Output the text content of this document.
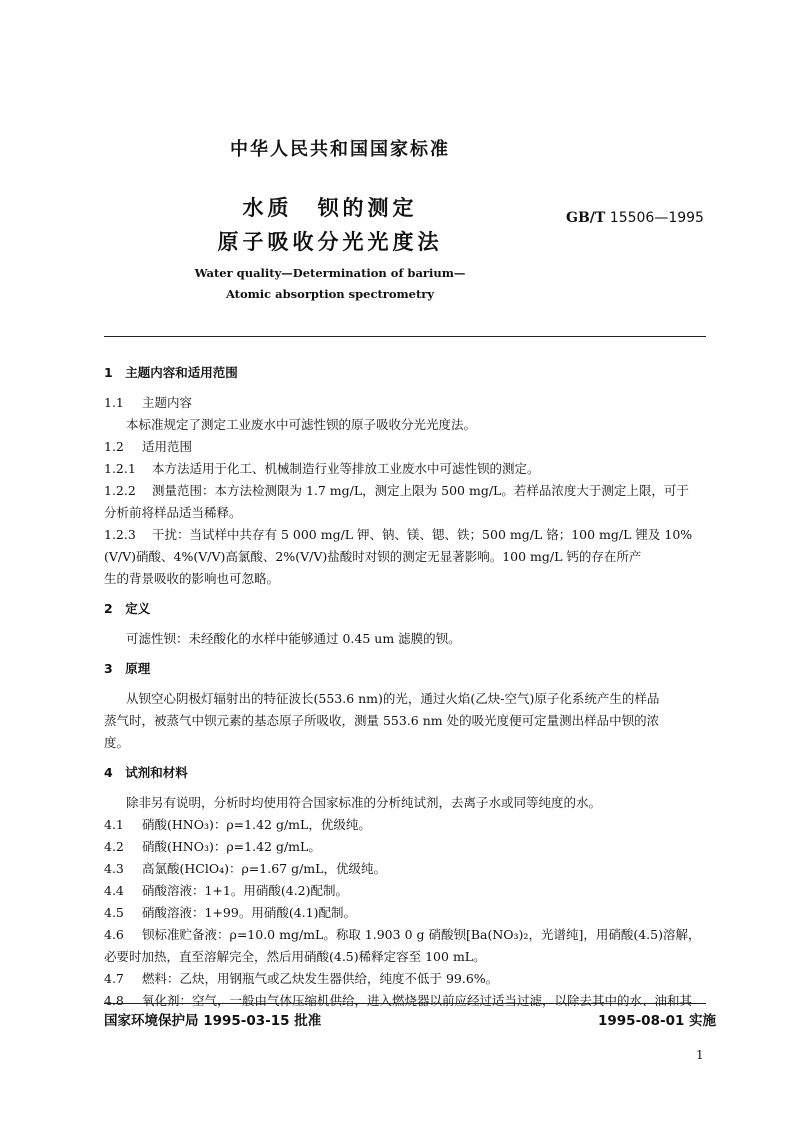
中华人民共和国国家标准
水质　钡的测定
原子吸收分光光度法
GB/T 15506—1995
Water quality—Determination of barium—
Atomic absorption spectrometry
1　主题内容和适用范围
1.1 主题内容
本标准规定了测定工业废水中可滤性钡的原子吸收分光光度法。
1.2 适用范围
1.2.1 本方法适用于化工、机械制造行业等排放工业废水中可滤性钡的测定。
1.2.2 测量范围：本方法检测限为 1.7 mg/L，测定上限为 500 mg/L。若样品浓度大于测定上限，可于
分析前将样品适当稀释。
1.2.3 干扰：当试样中共存有 5 000 mg/L 钾、钠、镁、锶、铁；500 mg/L 铬；100 mg/L 锂及 10%
(V/V)硝酸、4%(V/V)高氯酸、2%(V/V)盐酸时对钡的测定无显著影响。100 mg/L 钙的存在所产
生的背景吸收的影响也可忽略。
2　定义
可滤性钡：未经酸化的水样中能够通过 0.45 um 滤膜的钡。
3　原理
从钡空心阴极灯辐射出的特征波长(553.6 nm)的光，通过火焰(乙炔-空气)原子化系统产生的样品
蒸气时，被蒸气中钡元素的基态原子所吸收，测量 553.6 nm 处的吸光度便可定量测出样品中钡的浓
度。
4　试剂和材料
除非另有说明，分析时均使用符合国家标准的分析纯试剂，去离子水或同等纯度的水。
4.1 硝酸(HNO₃)：ρ=1.42 g/mL，优级纯。
4.2 硝酸(HNO₃)：ρ=1.42 g/mL。
4.3 高氯酸(HClO₄)：ρ=1.67 g/mL，优级纯。
4.4 硝酸溶液：1+1。用硝酸(4.2)配制。
4.5 硝酸溶液：1+99。用硝酸(4.1)配制。
4.6 钡标准贮备液：ρ=10.0 mg/mL。称取 1.903 0 g 硝酸钡[Ba(NO₃)₂，光谱纯]，用硝酸(4.5)溶解，
必要时加热，直至溶解完全，然后用硝酸(4.5)稀释定容至 100 mL。
4.7 燃料：乙炔，用钢瓶气或乙炔发生器供给，纯度不低于 99.6%。
4.8 氧化剂：空气，一般由气体压缩机供给，进入燃烧器以前应经过适当过滤，以除去其中的水、油和其
国家环境保护局 1995-03-15 批准	1995-08-01 实施
1
